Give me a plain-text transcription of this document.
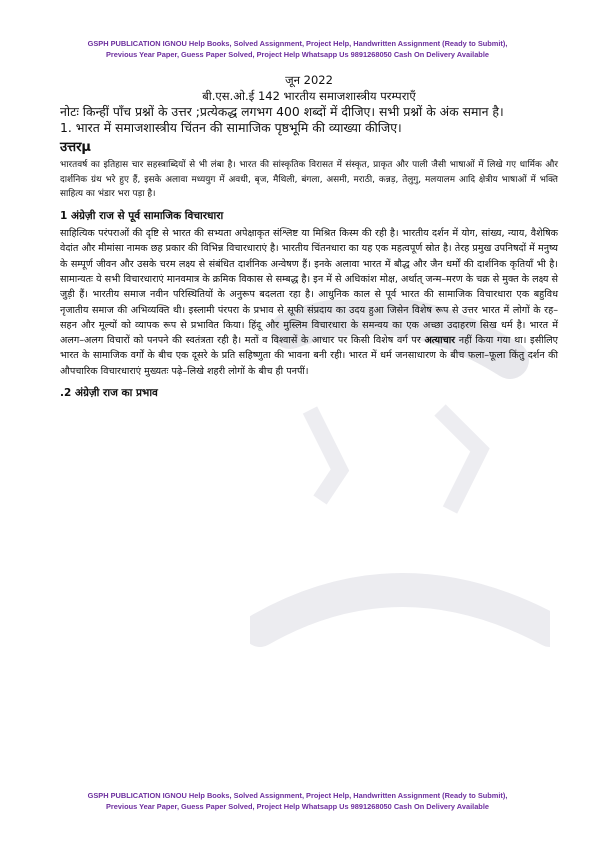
GSPH PUBLICATION IGNOU Help Books, Solved Assignment, Project Help, Handwritten Assignment (Ready to Submit),
Previous Year Paper, Guess Paper Solved, Project Help Whatsapp Us 9891268050 Cash On Delivery Available

जून 2022

बी.एस.ओ.ई 142 भारतीय समाजशास्त्रीय परम्पराएँ

नोटः किन्हीं पाँच प्रश्नों के उत्तर ;प्रत्येकद्ध लगभग 400 शब्दों में दीजिए। सभी प्रश्नों के अंक समान है।

1. भारत में समाजशास्त्रीय चिंतन की सामाजिक पृष्ठभूमि की व्याख्या कीजिए।

उत्तरμ

भारतवर्ष का इतिहास चार सहस्त्राब्दियों से भी लंबा है। भारत की सांस्कृतिक विरासत में संस्कृत, प्राकृत और पाली जैसी भाषाओं में लिखे गए धार्मिक और दार्शनिक ग्रंथ भरे हुए हैं, इसके अलावा मध्ययुग में अवधी, बृज, मैथिली, बंगला, असमी, मराठी, कन्नड़, तेलुगु, मलयालम आदि क्षेत्रीय भाषाओं में भक्ति साहित्य का भंडार भरा पड़ा है।

1 अंग्रेज़ी राज से पूर्व सामाजिक विचारधारा

साहित्यिक परंपराओं की दृष्टि से भारत की सभ्यता अपेक्षाकृत संश्लिष्ट या मिश्रित किस्म की रही है। भारतीय दर्शन में योग, सांख्य, न्याय, वैशेषिक वेदांत और मीमांसा नामक छह प्रकार की विभिन्न विचारधाराएं है। भारतीय चिंतनधारा का यह एक महत्वपूर्ण स्रोत है। तेरह प्रमुख उपनिषदों में मनुष्य के सम्पूर्ण जीवन और उसके चरम लक्ष्य से संबंधित दार्शनिक अन्वेषण हैं। इनके अलावा भारत में बौद्ध और जैन धर्मों की दार्शनिक कृतियाँ भी है। सामान्यतः ये सभी विचारधाराएं मानवमात्र के क्रमिक विकास से सम्बद्ध है। इन में से अधिकांश मोक्ष, अर्थात् जन्म–मरण के चक्र से मुक्त के लक्ष्य से जुड़ी हैं। भारतीय समाज नवीन परिस्थितियों के अनुरूप बदलता रहा है। आधुनिक काल से पूर्व भारत की सामाजिक विचारधारा एक बहुविध नृजातीय समाज की अभिव्यक्ति थी। इस्लामी पंरपरा के प्रभाव से सूफी संप्रदाय का उदय हुआ जिसेन विशेष रूप से उत्तर भारत में लोगों के रह–सहन और मूल्यों को व्यापक रूप से प्रभावित किया। हिंदू और मुस्लिम विचारधारा के समन्वय का एक अच्छा उदाहरण सिख धर्म है। भारत में अलग–अलग विचारों को पनपने की स्वतंत्रता रही है। मतों व विश्वासें के आधार पर किसी विशेष वर्ग पर अत्याचार नहीं किया गया था। इसीलिए भारत के सामाजिक वर्गों के बीच एक दूसरे के प्रति सहिष्णुता की भावना बनी रही। भारत में धर्म जनसाधारण के बीच फला–फूला किंतु दर्शन की औपचारिक विचारधाराएं मुख्यतः पढ़े–लिखे शहरी लोगों के बीच ही पनपीं।

.2 अंग्रेज़ी राज का प्रभाव

GSPH PUBLICATION IGNOU Help Books, Solved Assignment, Project Help, Handwritten Assignment (Ready to Submit),
Previous Year Paper, Guess Paper Solved, Project Help Whatsapp Us 9891268050 Cash On Delivery Available
